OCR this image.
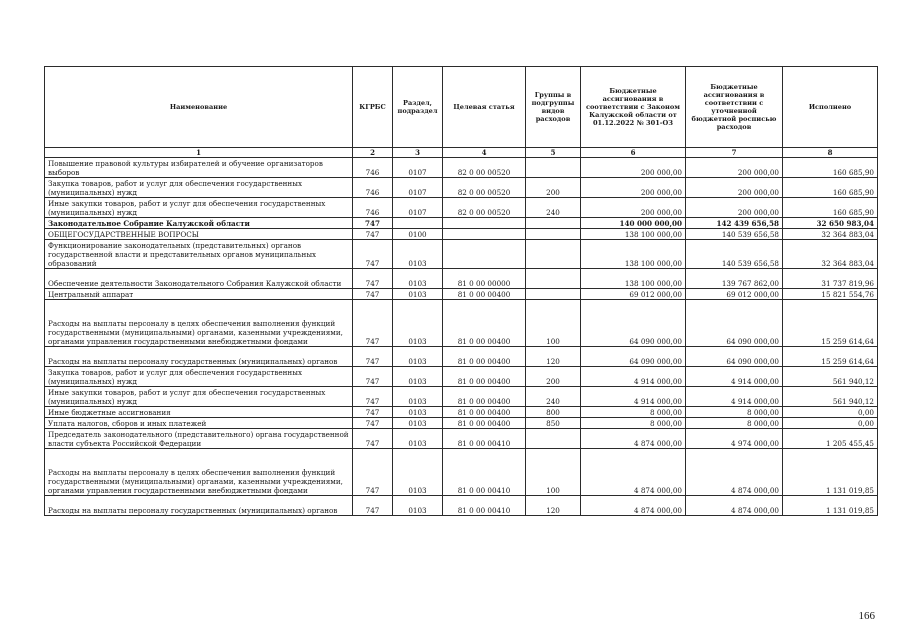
Наименование	КГРБС	Раздел, подраздел	Целевая статья	Группы в подгруппы видов расходов	Бюджетные ассигнования в соответствии с Законом Калужской области от 01.12.2022 № 301-ОЗ	Бюджетные ассигнования в соответствии с уточненной бюджетной росписью расходов	Исполнено
1	2	3	4	5	6	7	8
Повышение правовой культуры избирателей и обучение организаторов выборов	746	0107	82 0 00 00520		200 000,00	200 000,00	160 685,90
Закупка товаров, работ и услуг для обеспечения государственных (муниципальных) нужд	746	0107	82 0 00 00520	200	200 000,00	200 000,00	160 685,90
Иные закупки товаров, работ и услуг для обеспечения государственных (муниципальных) нужд	746	0107	82 0 00 00520	240	200 000,00	200 000,00	160 685,90
Законодательное Собрание Калужской области	747				140 000 000,00	142 439 656,58	32 650 983,04
ОБЩЕГОСУДАРСТВЕННЫЕ ВОПРОСЫ	747	0100			138 100 000,00	140 539 656,58	32 364 883,04
Функционирование законодательных (представительных) органов государственной власти и представительных органов муниципальных образований	747	0103			138 100 000,00	140 539 656,58	32 364 883,04
Обеспечение деятельности Законодательного Собрания Калужской области	747	0103	81 0 00 00000		138 100 000,00	139 767 862,00	31 737 819,96
Центральный аппарат	747	0103	81 0 00 00400		69 012 000,00	69 012 000,00	15 821 554,76
Расходы на выплаты персоналу в целях обеспечения выполнения функций государственными (муниципальными) органами, казенными учреждениями, органами управления государственными внебюджетными фондами	747	0103	81 0 00 00400	100	64 090 000,00	64 090 000,00	15 259 614,64
Расходы на выплаты персоналу государственных (муниципальных) органов	747	0103	81 0 00 00400	120	64 090 000,00	64 090 000,00	15 259 614,64
Закупка товаров, работ и услуг для обеспечения государственных (муниципальных) нужд	747	0103	81 0 00 00400	200	4 914 000,00	4 914 000,00	561 940,12
Иные закупки товаров, работ и услуг для обеспечения государственных (муниципальных) нужд	747	0103	81 0 00 00400	240	4 914 000,00	4 914 000,00	561 940,12
Иные бюджетные ассигнования	747	0103	81 0 00 00400	800	8 000,00	8 000,00	0,00
Уплата налогов, сборов и иных платежей	747	0103	81 0 00 00400	850	8 000,00	8 000,00	0,00
Председатель законодательного (представительного) органа государственной власти субъекта Российской Федерации	747	0103	81 0 00 00410		4 874 000,00	4 974 000,00	1 205 455,45
Расходы на выплаты персоналу в целях обеспечения выполнения функций государственными (муниципальными) органами, казенными учреждениями, органами управления государственными внебюджетными фондами	747	0103	81 0 00 00410	100	4 874 000,00	4 874 000,00	1 131 019,85
Расходы на выплаты персоналу государственных (муниципальных) органов	747	0103	81 0 00 00410	120	4 874 000,00	4 874 000,00	1 131 019,85
166
